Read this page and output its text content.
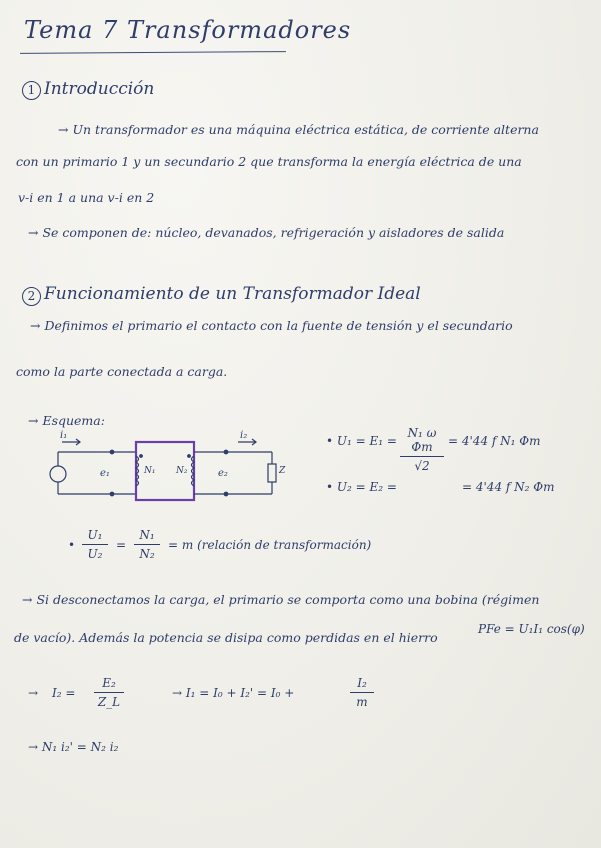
Tema 7 Transformadores
1 Introducción
→ Un transformador es una máquina eléctrica estática, de corriente alterna
con un primario 1 y un secundario 2 que transforma la energía eléctrica de una
v-i en 1 a una v-i en 2
→ Se componen de: núcleo, devanados, refrigeración y aisladores de salida
2 Funcionamiento de un Transformador Ideal
→ Definimos el primario el contacto con la fuente de tensión y el secundario
como la parte conectada a carga.
→ Esquema:
i₁	i₂
e₁	e₂
N₁ N₂	Z
• U₁ = E₁ =
N₁ ω Φm
√2
= 4'44 f N₁ Φm
• U₂ = E₂ =	= 4'44 f N₂ Φm
•
U₁
U₂
=
N₁
N₂
= m (relación de transformación)
→ Si desconectamos la carga, el primario se comporta como una bobina (régimen
de vacío). Además la potencia se disipa como perdidas en el hierro
PFe = U₁I₁ cos(φ)
→ I₂ =
E₂
Z_L
→ I₁ = I₀ + I₂' = I₀ +
I₂
m
→ N₁ i₂' = N₂ i₂
